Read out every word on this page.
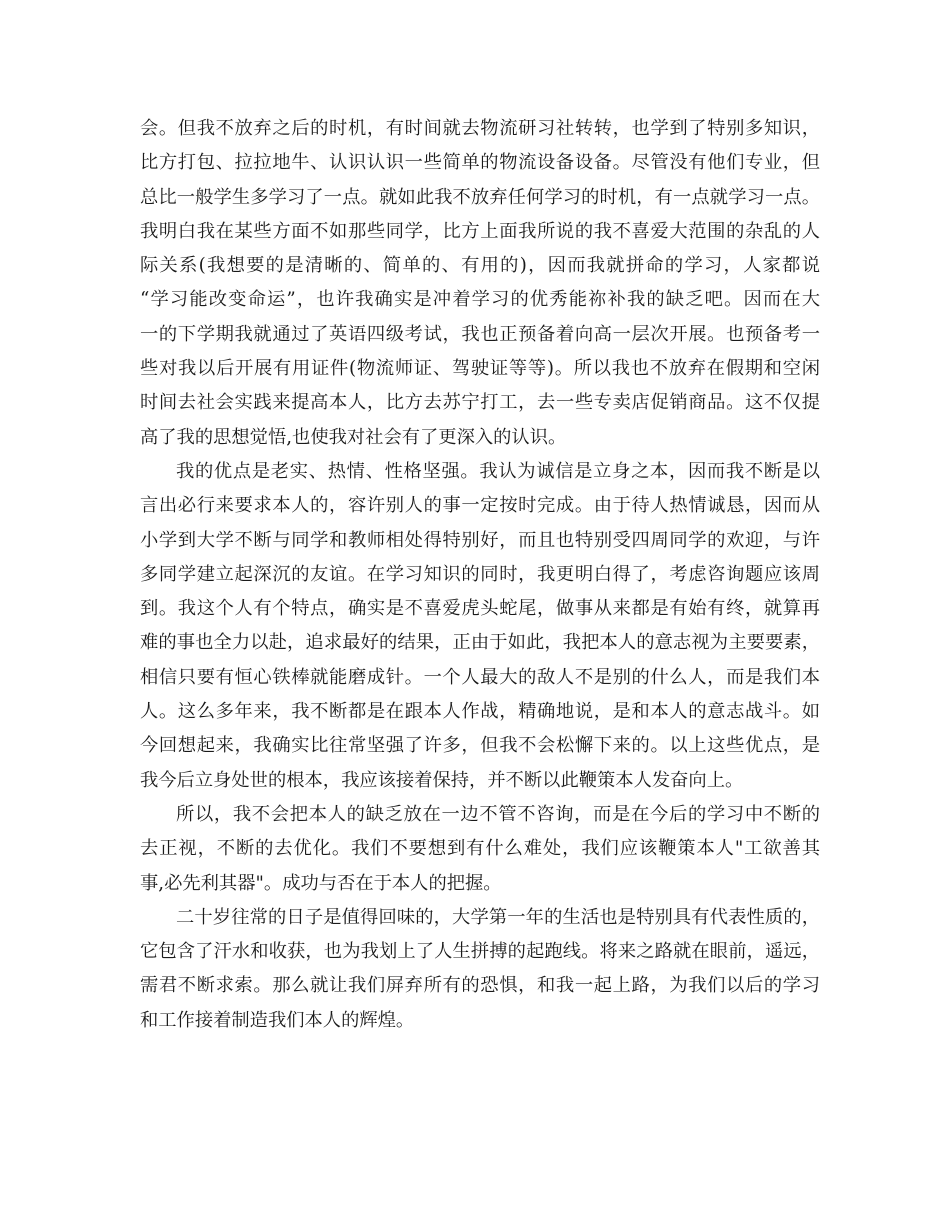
会。但我不放弃之后的时机，有时间就去物流研习社转转，也学到了特别多知识，
比方打包、拉拉地牛、认识认识一些简单的物流设备设备。尽管没有他们专业，但
总比一般学生多学习了一点。就如此我不放弃任何学习的时机，有一点就学习一点。
我明白我在某些方面不如那些同学，比方上面我所说的我不喜爱大范围的杂乱的人
际关系(我想要的是清晰的、简单的、有用的)，因而我就拼命的学习，人家都说
“学习能改变命运”，也许我确实是冲着学习的优秀能祢补我的缺乏吧。因而在大
一的下学期我就通过了英语四级考试，我也正预备着向高一层次开展。也预备考一
些对我以后开展有用证件(物流师证、驾驶证等等)。所以我也不放弃在假期和空闲
时间去社会实践来提高本人，比方去苏宁打工，去一些专卖店促销商品。这不仅提
高了我的思想觉悟,也使我对社会有了更深入的认识。
我的优点是老实、热情、性格坚强。我认为诚信是立身之本，因而我不断是以
言出必行来要求本人的，容许别人的事一定按时完成。由于待人热情诚恳，因而从
小学到大学不断与同学和教师相处得特别好，而且也特别受四周同学的欢迎，与许
多同学建立起深沉的友谊。在学习知识的同时，我更明白得了，考虑咨询题应该周
到。我这个人有个特点，确实是不喜爱虎头蛇尾，做事从来都是有始有终，就算再
难的事也全力以赴，追求最好的结果，正由于如此，我把本人的意志视为主要要素，
相信只要有恒心铁棒就能磨成针。一个人最大的敌人不是别的什么人，而是我们本
人。这么多年来，我不断都是在跟本人作战，精确地说，是和本人的意志战斗。如
今回想起来，我确实比往常坚强了许多，但我不会松懈下来的。以上这些优点，是
我今后立身处世的根本，我应该接着保持，并不断以此鞭策本人发奋向上。
所以，我不会把本人的缺乏放在一边不管不咨询，而是在今后的学习中不断的
去正视，不断的去优化。我们不要想到有什么难处，我们应该鞭策本人"工欲善其
事,必先利其器"。成功与否在于本人的把握。
二十岁往常的日子是值得回味的，大学第一年的生活也是特别具有代表性质的，
它包含了汗水和收获，也为我划上了人生拼搏的起跑线。将来之路就在眼前，遥远，
需君不断求索。那么就让我们屏弃所有的恐惧，和我一起上路，为我们以后的学习
和工作接着制造我们本人的辉煌。
